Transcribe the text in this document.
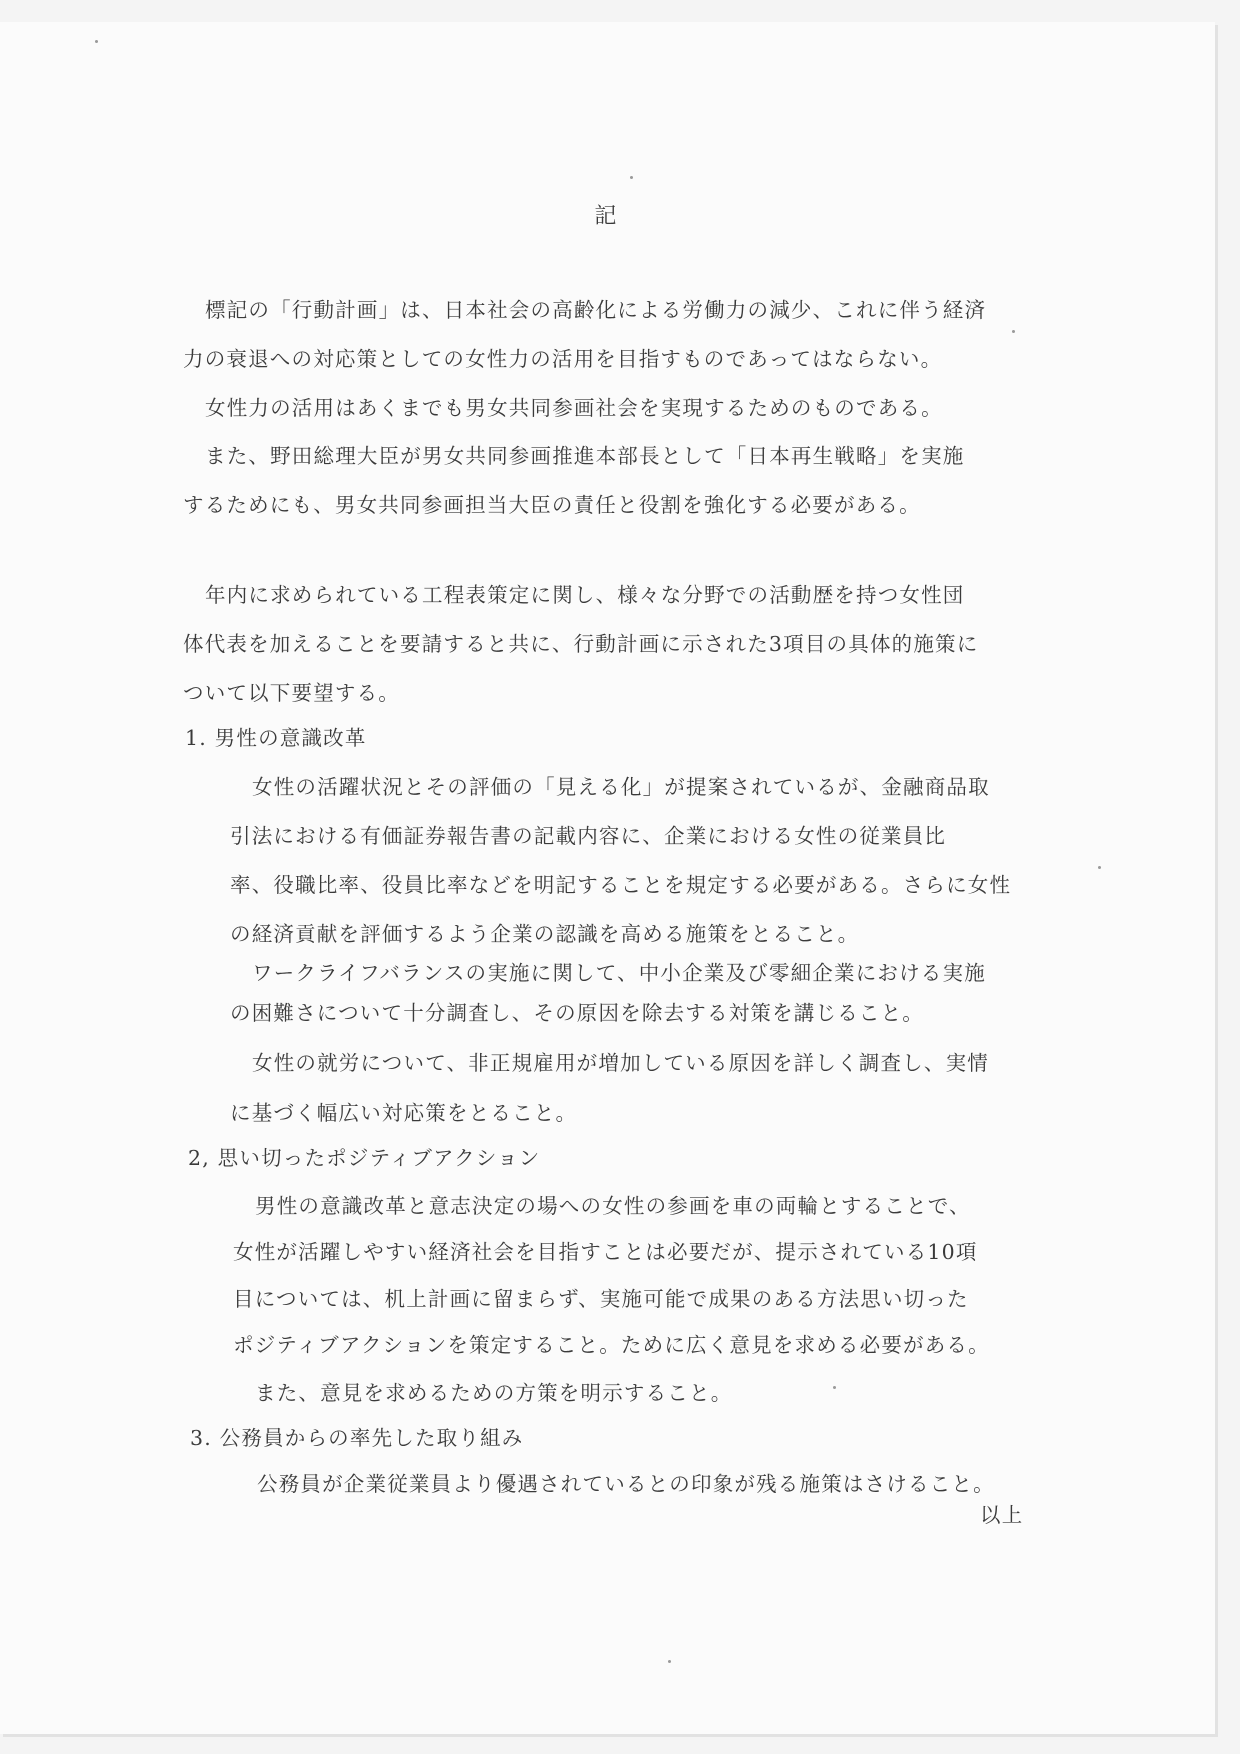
記
標記の「行動計画」は、日本社会の高齢化による労働力の減少、これに伴う経済
力の衰退への対応策としての女性力の活用を目指すものであってはならない。
女性力の活用はあくまでも男女共同参画社会を実現するためのものである。
また、野田総理大臣が男女共同参画推進本部長として「日本再生戦略」を実施
するためにも、男女共同参画担当大臣の責任と役割を強化する必要がある。
年内に求められている工程表策定に関し、様々な分野での活動歴を持つ女性団
体代表を加えることを要請すると共に、行動計画に示された3項目の具体的施策に
ついて以下要望する。
1. 男性の意識改革
女性の活躍状況とその評価の「見える化」が提案されているが、金融商品取
引法における有価証券報告書の記載内容に、企業における女性の従業員比
率、役職比率、役員比率などを明記することを規定する必要がある。さらに女性
の経済貢献を評価するよう企業の認識を高める施策をとること。
ワークライフバランスの実施に関して、中小企業及び零細企業における実施
の困難さについて十分調査し、その原因を除去する対策を講じること。
女性の就労について、非正規雇用が増加している原因を詳しく調査し、実情
に基づく幅広い対応策をとること。
2, 思い切ったポジティブアクション
男性の意識改革と意志決定の場への女性の参画を車の両輪とすることで、
女性が活躍しやすい経済社会を目指すことは必要だが、提示されている10項
目については、机上計画に留まらず、実施可能で成果のある方法思い切った
ポジティブアクションを策定すること。ために広く意見を求める必要がある。
また、意見を求めるための方策を明示すること。
3. 公務員からの率先した取り組み
公務員が企業従業員より優遇されているとの印象が残る施策はさけること。
以上
